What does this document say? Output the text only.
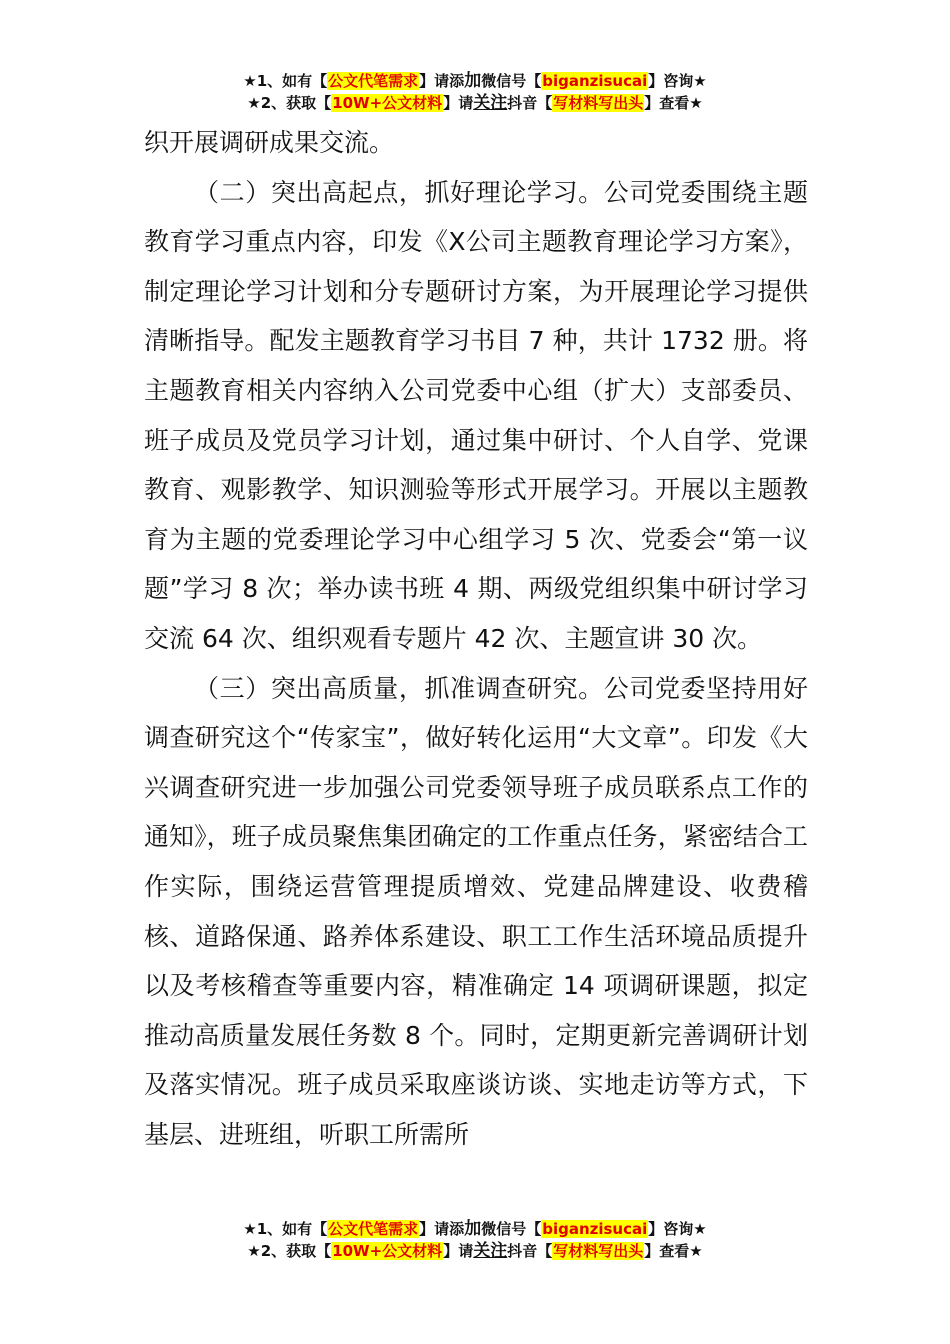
★1、如有【公文代笔需求】请添加微信号【biganzisucai】咨询★
★2、获取【10W+公文材料】请关注抖音【写材料写出头】查看★

织开展调研成果交流。

（二）突出高起点，抓好理论学习。公司党委围绕主题教育学习重点内容，印发《X公司主题教育理论学习方案》，制定理论学习计划和分专题研讨方案，为开展理论学习提供清晰指导。配发主题教育学习书目 7 种，共计 1732 册。将主题教育相关内容纳入公司党委中心组（扩大）支部委员、班子成员及党员学习计划，通过集中研讨、个人自学、党课教育、观影教学、知识测验等形式开展学习。开展以主题教育为主题的党委理论学习中心组学习 5 次、党委会“第一议题”学习 8 次；举办读书班 4 期、两级党组织集中研讨学习交流 64 次、组织观看专题片 42 次、主题宣讲 30 次。

（三）突出高质量，抓准调查研究。公司党委坚持用好调查研究这个“传家宝”，做好转化运用“大文章”。印发《大兴调查研究进一步加强公司党委领导班子成员联系点工作的通知》，班子成员聚焦集团确定的工作重点任务，紧密结合工作实际，围绕运营管理提质增效、党建品牌建设、收费稽核、道路保通、路养体系建设、职工工作生活环境品质提升以及考核稽查等重要内容，精准确定 14 项调研课题，拟定推动高质量发展任务数 8 个。同时，定期更新完善调研计划及落实情况。班子成员采取座谈访谈、实地走访等方式，下基层、进班组，听职工所需所

★1、如有【公文代笔需求】请添加微信号【biganzisucai】咨询★
★2、获取【10W+公文材料】请关注抖音【写材料写出头】查看★
